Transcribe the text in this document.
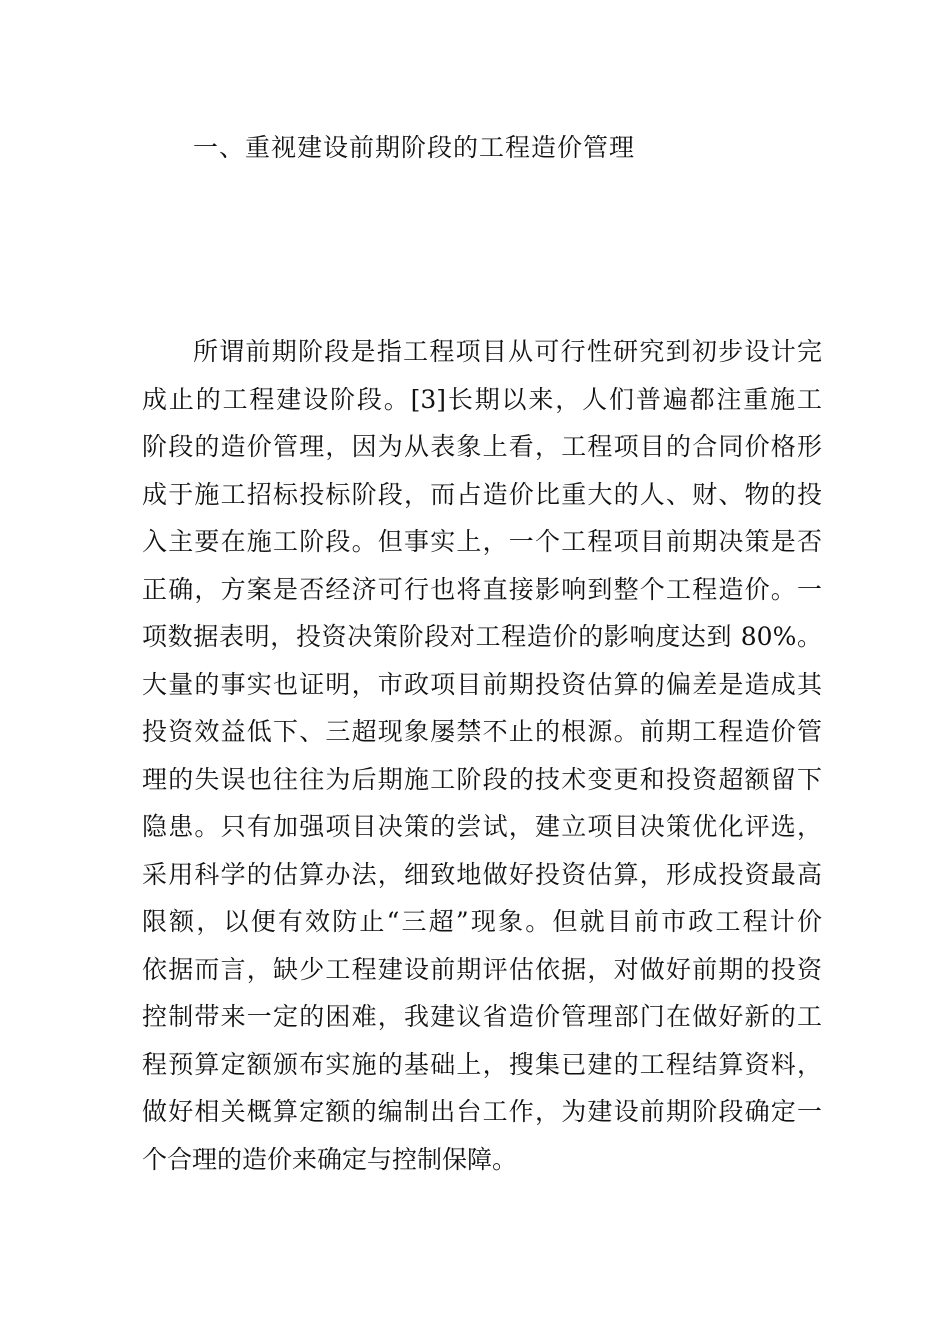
一、重视建设前期阶段的工程造价管理
所谓前期阶段是指工程项目从可行性研究到初步设计完
成止的工程建设阶段。[3]长期以来，人们普遍都注重施工
阶段的造价管理，因为从表象上看，工程项目的合同价格形
成于施工招标投标阶段，而占造价比重大的人、财、物的投
入主要在施工阶段。但事实上，一个工程项目前期决策是否
正确，方案是否经济可行也将直接影响到整个工程造价。一
项数据表明，投资决策阶段对工程造价的影响度达到 80%。
大量的事实也证明，市政项目前期投资估算的偏差是造成其
投资效益低下、三超现象屡禁不止的根源。前期工程造价管
理的失误也往往为后期施工阶段的技术变更和投资超额留下
隐患。只有加强项目决策的尝试，建立项目决策优化评选，
采用科学的估算办法，细致地做好投资估算，形成投资最高
限额，以便有效防止“三超”现象。但就目前市政工程计价
依据而言，缺少工程建设前期评估依据，对做好前期的投资
控制带来一定的困难，我建议省造价管理部门在做好新的工
程预算定额颁布实施的基础上，搜集已建的工程结算资料，
做好相关概算定额的编制出台工作，为建设前期阶段确定一
个合理的造价来确定与控制保障。
